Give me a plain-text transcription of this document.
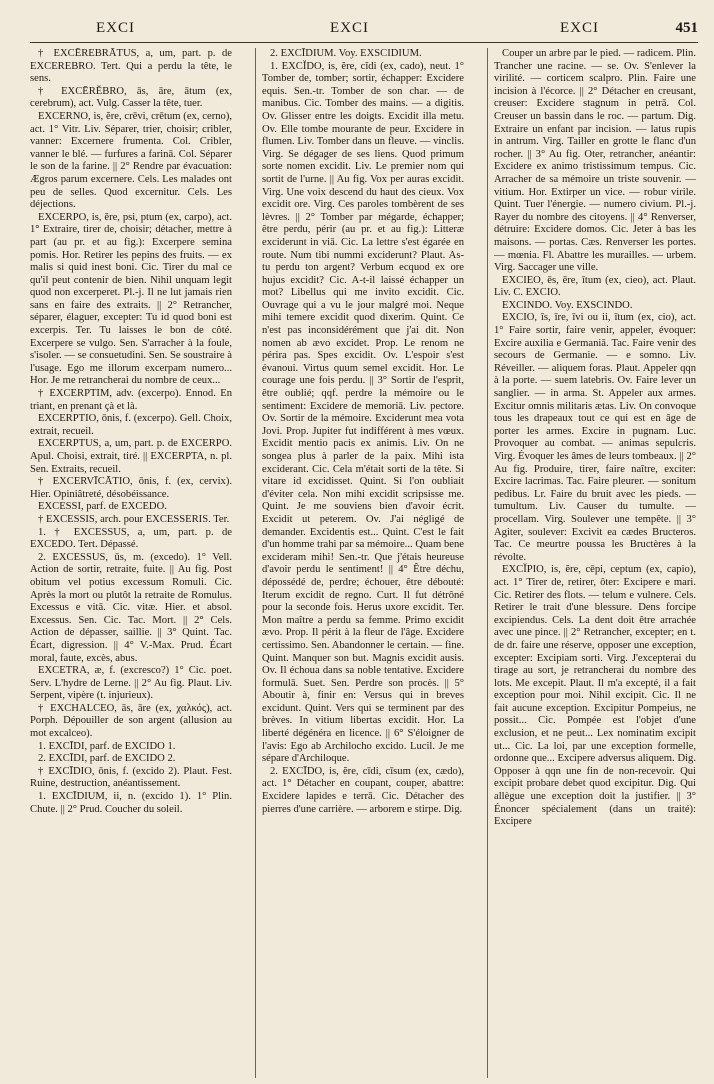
EXCI	EXCI	EXCI	451

† EXCĒREBRĀTUS, a, um, part. p. de EXCEREBRO. Tert. Qui a perdu la tête, le sens.

† EXCĒRĔBRO, ās, āre, ātum (ex, cerebrum), act. Vulg. Casser la tête, tuer.

EXCERNO, is, ĕre, crēvi, crētum (ex, cerno), act. 1° Vitr. Liv. Séparer, trier, choisir; cribler, vanner: Excernere frumenta. Col. Cribler, vanner le blé. — furfures a farinā. Col. Séparer le son de la farine. || 2° Rendre par évacuation: Ægros parum excernere. Cels. Les malades ont peu de selles. Quod excernitur. Cels. Les déjections.

EXCERPO, is, ĕre, psi, ptum (ex, carpo), act. 1° Extraire, tirer de, choisir; détacher, mettre à part (au pr. et au fig.): Excerpere semina pomis. Hor. Retirer les pepins des fruits. — ex malis si quid inest boni. Cic. Tirer du mal ce qu'il peut contenir de bien. Nihil unquam legit quod non excerperet. Pl.-j. Il ne lut jamais rien sans en faire des extraits. || 2° Retrancher, séparer, élaguer, excepter: Tu id quod boni est excerpis. Ter. Tu laisses le bon de côté. Excerpere se vulgo. Sen. S'arracher à la foule, s'isoler. — se consuetudini. Sen. Se soustraire à l'usage. Ego me illorum excerpam numero... Hor. Je me retrancherai du nombre de ceux...

† EXCERPTIM, adv. (excerpo). Ennod. En triant, en prenant çà et là.

EXCERPTIO, ōnis, f. (excerpo). Gell. Choix, extrait, recueil.

EXCERPTUS, a, um, part. p. de EXCERPO. Apul. Choisi, extrait, tiré. || EXCERPTA, n. pl. Sen. Extraits, recueil.

† EXCERVĪCĀTIO, ōnis, f. (ex, cervix). Hier. Opiniâtreté, désobéissance.

EXCESSI, parf. de EXCEDO.

† EXCESSIS, arch. pour EXCESSERIS. Ter.

1. † EXCESSUS, a, um, part. p. de EXCEDO. Tert. Dépassé.

2. EXCESSUS, ūs, m. (excedo). 1° Vell. Action de sortir, retraite, fuite. || Au fig. Post obitum vel potius excessum Romuli. Cic. Après la mort ou plutôt la retraite de Romulus. Excessus e vitā. Cic. vitæ. Hier. et absol. Excessus. Sen. Cic. Tac. Mort. || 2° Cels. Action de dépasser, saillie. || 3° Quint. Tac. Écart, digression. || 4° V.-Max. Prud. Écart moral, faute, excès, abus.

EXCETRA, æ, f. (excresco?) 1° Cic. poet. Serv. L'hydre de Lerne. || 2° Au fig. Plaut. Liv. Serpent, vipère (t. injurieux).

† EXCHALCEO, ās, āre (ex, χαλκός), act. Porph. Dépouiller de son argent (allusion au mot excalceo).

1. EXCĪDI, parf. de EXCIDO 1.

2. EXCĪDI, parf. de EXCIDO 2.

† EXCĪDIO, ōnis, f. (excido 2). Plaut. Fest. Ruine, destruction, anéantissement.

1. EXCĪDIUM, ii, n. (excido 1). 1° Plin. Chute. || 2° Prud. Coucher du soleil.

2. EXCĪDIUM. Voy. EXSCIDIUM.

1. EXCĬDO, is, ĕre, cĭdi (ex, cado), neut. 1° Tomber de, tomber; sortir, échapper: Excidere equis. Sen.-tr. Tomber de son char. — de manibus. Cic. Tomber des mains. — a digitis. Ov. Glisser entre les doigts. Excidit illa metu. Ov. Elle tombe mourante de peur. Excidere in flumen. Liv. Tomber dans un fleuve. — vinclis. Virg. Se dégager de ses liens. Quod primum sorte nomen excidit. Liv. Le premier nom qui sortit de l'urne. || Au fig. Vox per auras excidit. Virg. Une voix descend du haut des cieux. Vox excidit ore. Virg. Ces paroles tombèrent de ses lèvres. || 2° Tomber par mégarde, échapper; être perdu, périr (au pr. et au fig.): Litteræ exciderunt in viā. Cic. La lettre s'est égarée en route. Num tibi nummi exciderunt? Plaut. As-tu perdu ton argent? Verbum ecquod ex ore hujus excidit? Cic. A-t-il laissé échapper un mot? Libellus qui me invito excidit. Cic. Ouvrage qui a vu le jour malgré moi. Neque mihi temere excidit quod dixerim. Quint. Ce n'est pas inconsidérément que j'ai dit. Non nomen ab ævo excidet. Prop. Le renom ne périra pas. Spes excidit. Ov. L'espoir s'est évanoui. Virtus quum semel excidit. Hor. Le courage une fois perdu. || 3° Sortir de l'esprit, être oublié; qqf. perdre la mémoire ou le sentiment: Excidere de memoriā. Liv. pectore. Ov. Sortir de la mémoire. Exciderunt mea vota Jovi. Prop. Jupiter fut indifférent à mes vœux. Excidit mentio pacis ex animis. Liv. On ne songea plus à parler de la paix. Mihi ista exciderant. Cic. Cela m'était sorti de la tête. Si vitare id excidisset. Quint. Si l'on oubliait d'éviter cela. Non mihi excidit scripsisse me. Quint. Je me souviens bien d'avoir écrit. Excidit ut peterem. Ov. J'ai négligé de demander. Excidentis est... Quint. C'est le fait d'un homme trahi par sa mémoire... Quam bene excideram mihi! Sen.-tr. Que j'étais heureuse d'avoir perdu le sentiment! || 4° Être déchu, dépossédé de, perdre; échouer, être débouté: Iterum excidit de regno. Curt. Il fut détrôné pour la seconde fois. Herus uxore excidit. Ter. Mon maître a perdu sa femme. Primo excidit ævo. Prop. Il périt à la fleur de l'âge. Excidere certissimo. Sen. Abandonner le certain. — fine. Quint. Manquer son but. Magnis excidit ausis. Ov. Il échoua dans sa noble tentative. Excidere formulā. Suet. Sen. Perdre son procès. || 5° Aboutir à, finir en: Versus qui in breves excidunt. Quint. Vers qui se terminent par des brèves. In vitium libertas excidit. Hor. La liberté dégénéra en licence. || 6° S'éloigner de l'avis: Ego ab Archilocho excido. Lucil. Je me sépare d'Archiloque.

2. EXCĪDO, is, ĕre, cīdi, cīsum (ex, cædo), act. 1° Détacher en coupant, couper, abattre: Excidere lapides e terrā. Cic. Détacher des pierres d'une carrière. — arborem e stirpe. Dig.

Couper un arbre par le pied. — radicem. Plin. Trancher une racine. — se. Ov. S'enlever la virilité. — corticem scalpro. Plin. Faire une incision à l'écorce. || 2° Détacher en creusant, creuser: Excidere stagnum in petrā. Col. Creuser un bassin dans le roc. — partum. Dig. Extraire un enfant par incision. — latus rupis in antrum. Virg. Tailler en grotte le flanc d'un rocher. || 3° Au fig. Oter, retrancher, anéantir: Excidere ex animo tristissimum tempus. Cic. Arracher de sa mémoire un triste souvenir. — vitium. Hor. Extirper un vice. — robur virile. Quint. Tuer l'énergie. — numero civium. Pl.-j. Rayer du nombre des citoyens. || 4° Renverser, détruire: Excidere domos. Cic. Jeter à bas les maisons. — portas. Cæs. Renverser les portes. — mœnia. Fl. Abattre les murailles. — urbem. Virg. Saccager une ville.

EXCIEO, ēs, ēre, ītum (ex, cieo), act. Plaut. Liv. C. EXCIO.

EXCINDO. Voy. EXSCINDO.

EXCIO, īs, īre, īvi ou ii, ītum (ex, cio), act. 1° Faire sortir, faire venir, appeler, évoquer: Excire auxilia e Germaniā. Tac. Faire venir des secours de Germanie. — e somno. Liv. Réveiller. — aliquem foras. Plaut. Appeler qqn à la porte. — suem latebris. Ov. Faire lever un sanglier. — in arma. St. Appeler aux armes. Excitur omnis militaris ætas. Liv. On convoque tous les drapeaux tout ce qui est en âge de porter les armes. Excire in pugnam. Luc. Provoquer au combat. — animas sepulcris. Virg. Évoquer les âmes de leurs tombeaux. || 2° Au fig. Produire, tirer, faire naître, exciter: Excire lacrimas. Tac. Faire pleurer. — sonitum pedibus. Lr. Faire du bruit avec les pieds. — tumultum. Liv. Causer du tumulte. — procellam. Virg. Soulever une tempête. || 3° Agiter, soulever: Excivit ea cædes Bructeros. Tac. Ce meurtre poussa les Bructères à la révolte.

EXCĬPIO, is, ĕre, cēpi, ceptum (ex, capio), act. 1° Tirer de, retirer, ôter: Excipere e mari. Cic. Retirer des flots. — telum e vulnere. Cels. Retirer le trait d'une blessure. Dens forcipe excipiendus. Cels. La dent doit être arrachée avec une pince. || 2° Retrancher, excepter; en t. de dr. faire une réserve, opposer une exception, excepter: Excipiam sorti. Virg. J'excepterai du tirage au sort, je retrancherai du nombre des lots. Me excepit. Plaut. Il m'a excepté, il a fait exception pour moi. Nihil excipit. Cic. Il ne fait aucune exception. Excipitur Pompeius, ne possit... Cic. Pompée est l'objet d'une exclusion, et ne peut... Lex nominatim excipit ut... Cic. La loi, par une exception formelle, ordonne que... Excipere adversus aliquem. Dig. Opposer à qqn une fin de non-recevoir. Qui excipit probare debet quod excipitur. Dig. Qui allègue une exception doit la justifier. || 3° Énoncer spécialement (dans un traité): Excipere
